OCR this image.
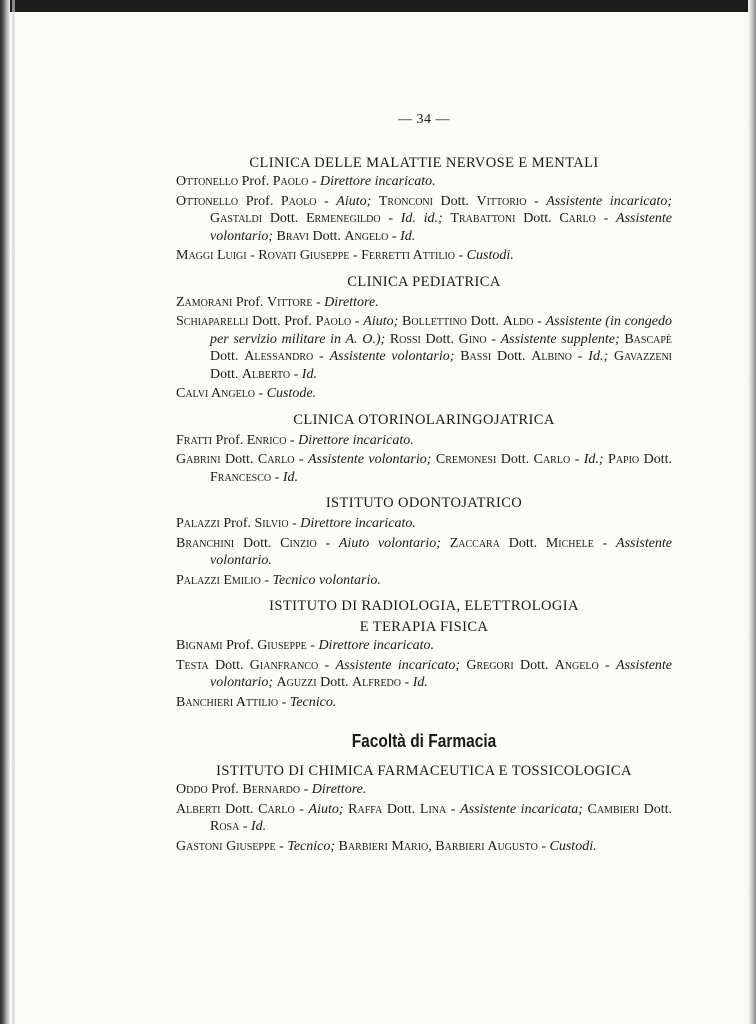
— 34 —
CLINICA DELLE MALATTIE NERVOSE E MENTALI
Ottonello Prof. Paolo - Direttore incaricato.
Ottonello Prof. Paolo - Aiuto; Tronconi Dott. Vittorio - Assistente incaricato; Gastaldi Dott. Ermenegildo - Id. id.; Trabattoni Dott. Carlo - Assistente volontario; Bravi Dott. Angelo - Id.
Maggi Luigi - Rovati Giuseppe - Ferretti Attilio - Custodi.
CLINICA PEDIATRICA
Zamorani Prof. Vittore - Direttore.
Schiaparelli Dott. Prof. Paolo - Aiuto; Bollettino Dott. Aldo - Assistente (in congedo per servizio militare in A. O.); Rossi Dott. Gino - Assistente supplente; Bascapè Dott. Alessandro - Assistente volontario; Bassi Dott. Albino - Id.; Gavazzeni Dott. Alberto - Id.
Calvi Angelo - Custode.
CLINICA OTORINOLARINGOJATRICA
Fratti Prof. Enrico - Direttore incaricato.
Gabrini Dott. Carlo - Assistente volontario; Cremonesi Dott. Carlo - Id.; Papio Dott. Francesco - Id.
ISTITUTO ODONTOJATRICO
Palazzi Prof. Silvio - Direttore incaricato.
Branchini Dott. Cinzio - Aiuto volontario; Zaccara Dott. Michele - Assistente volontario.
Palazzi Emilio - Tecnico volontario.
ISTITUTO DI RADIOLOGIA, ELETTROLOGIA
E TERAPIA FISICA
Bignami Prof. Giuseppe - Direttore incaricato.
Testa Dott. Gianfranco - Assistente incaricato; Gregori Dott. Angelo - Assistente volontario; Aguzzi Dott. Alfredo - Id.
Banchieri Attilio - Tecnico.
Facoltà di Farmacia
ISTITUTO DI CHIMICA FARMACEUTICA E TOSSICOLOGICA
Oddo Prof. Bernardo - Direttore.
Alberti Dott. Carlo - Aiuto; Raffa Dott. Lina - Assistente incaricata; Cambieri Dott. Rosa - Id.
Gastoni Giuseppe - Tecnico; Barbieri Mario, Barbieri Augusto - Custodi.
